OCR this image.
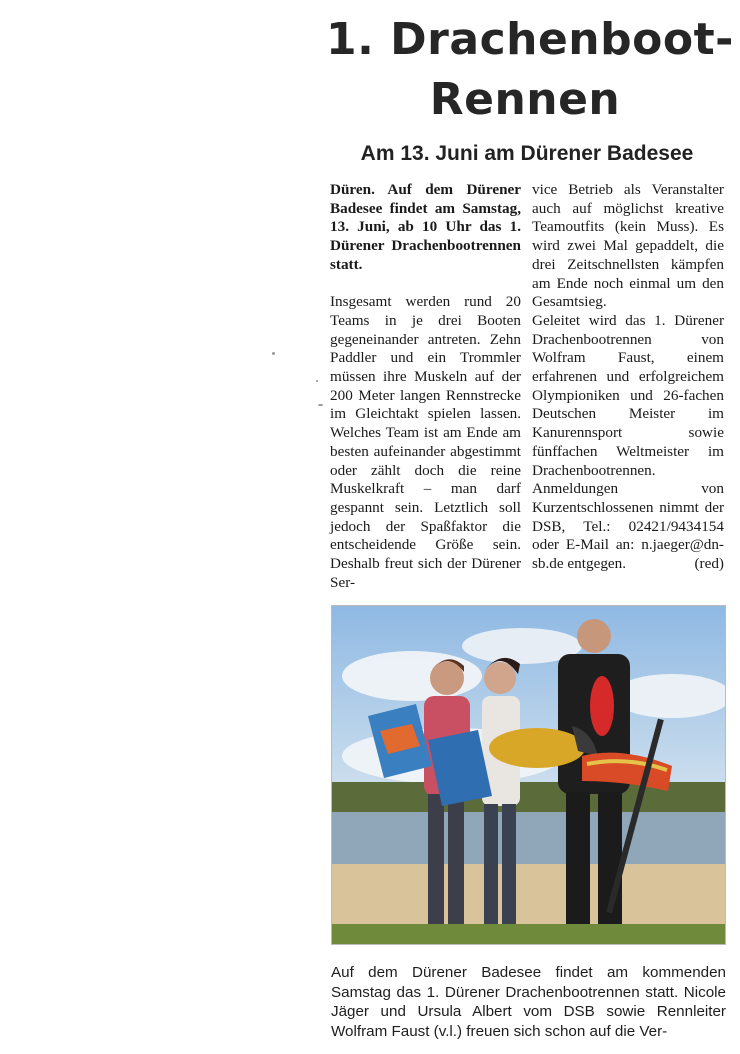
1. Drachenboot-
Rennen
Am 13. Juni am Dürener Badesee

Düren. Auf dem Dürener Badesee findet am Samstag, 13. Juni, ab 10 Uhr das 1. Dürener Drachenbootrennen statt.

Insgesamt werden rund 20 Teams in je drei Booten gegeneinander antreten. Zehn Paddler und ein Trommler müssen ihre Muskeln auf der 200 Meter langen Rennstrecke im Gleichtakt spielen lassen. Welches Team ist am Ende am besten aufeinander abgestimmt oder zählt doch die reine Muskelkraft – man darf gespannt sein. Letztlich soll jedoch der Spaßfaktor die entscheidende Größe sein. Deshalb freut sich der Dürener Ser-

vice Betrieb als Veranstalter auch auf möglichst kreative Teamoutfits (kein Muss). Es wird zwei Mal gepaddelt, die drei Zeitschnellsten kämpfen am Ende noch einmal um den Gesamtsieg.

Geleitet wird das 1. Dürener Drachenbootrennen von Wolfram Faust, einem erfahrenen und erfolgreichem Olympioniken und 26-fachen Deutschen Meister im Kanurennsport sowie fünffachen Weltmeister im Drachenbootrennen. Anmeldungen von Kurzentschlossenen nimmt der DSB, Tel.: 02421/9434154 oder E-Mail an: n.jaeger@dn-sb.de entgegen.	(red)

Auf dem Dürener Badesee findet am kommenden Samstag das 1. Dürener Drachenbootrennen statt. Nicole Jäger und Ursula Albert vom DSB sowie Rennleiter Wolfram Faust (v.l.) freuen sich schon auf die Ver-
